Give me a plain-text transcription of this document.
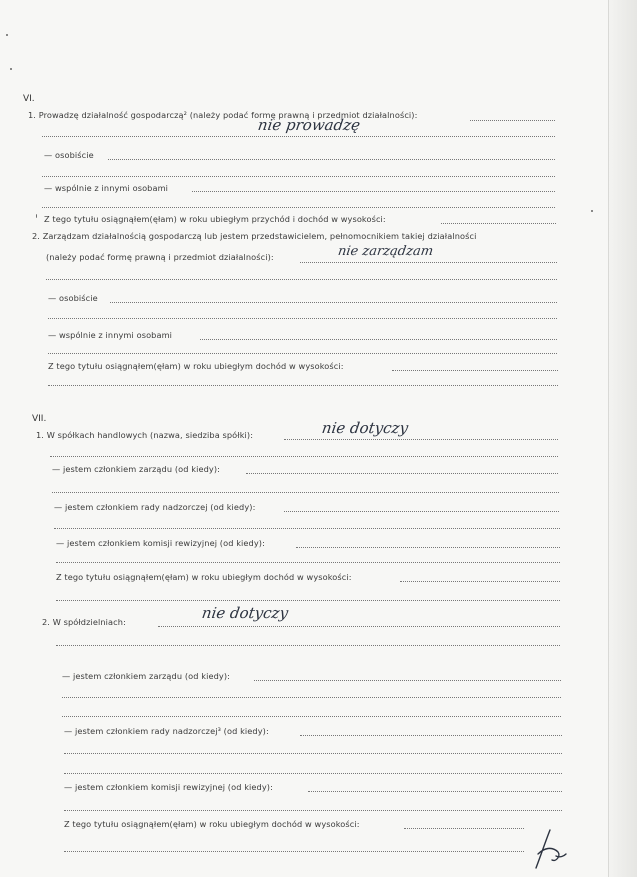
VI.
1. Prowadzę działalność gospodarczą² (należy podać formę prawną i przedmiot działalności):
nie prowadzę
— osobiście
— wspólnie z innymi osobami
Z tego tytułu osiągnąłem(ęłam) w roku ubiegłym przychód i dochód w wysokości:
2. Zarządzam działalnością gospodarczą lub jestem przedstawicielem, pełnomocnikiem takiej działalności
(należy podać formę prawną i przedmiot działalności):	nie zarządzam
— osobiście
— wspólnie z innymi osobami
Z tego tytułu osiągnąłem(ęłam) w roku ubiegłym dochód w wysokości:
VII.
1. W spółkach handlowych (nazwa, siedziba spółki):	nie dotyczy
— jestem członkiem zarządu (od kiedy):
— jestem członkiem rady nadzorczej (od kiedy):
— jestem członkiem komisji rewizyjnej (od kiedy):
Z tego tytułu osiągnąłem(ęłam) w roku ubiegłym dochód w wysokości:
2. W spółdzielniach:	nie dotyczy
— jestem członkiem zarządu (od kiedy):
— jestem członkiem rady nadzorczej³ (od kiedy):
— jestem członkiem komisji rewizyjnej (od kiedy):
Z tego tytułu osiągnąłem(ęłam) w roku ubiegłym dochód w wysokości:
